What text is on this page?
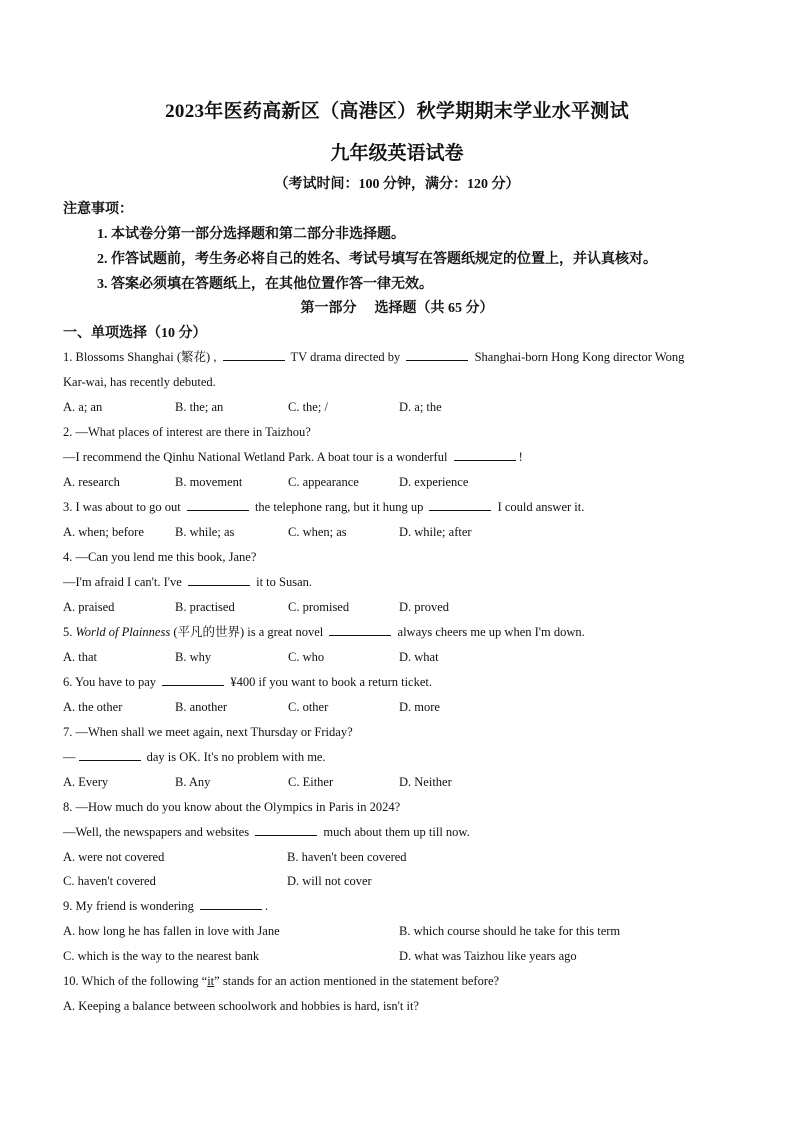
2023年医药高新区（高港区）秋学期期末学业水平测试
九年级英语试卷
（考试时间：100 分钟，满分：120 分）
注意事项：
1. 本试卷分第一部分选择题和第二部分非选择题。
2. 作答试题前，考生务必将自己的姓名、考试号填写在答题纸规定的位置上，并认真核对。
3. 答案必须填在答题纸上，在其他位置作答一律无效。
第一部分 选择题（共 65 分）
一、单项选择（10 分）
1. Blossoms Shanghai (繁花) ,	TV drama directed by	Shanghai-born Hong Kong director Wong
Kar-wai, has recently debuted.
A. a; an	B. the; an	C. the; /	D. a; the
2. —What places of interest are there in Taizhou?
—I recommend the Qinhu National Wetland Park. A boat tour is a wonderful	!
A. research	B. movement	C. appearance	D. experience
3. I was about to go out	the telephone rang, but it hung up	I could answer it.
A. when; before B. while; as	C. when; as	D. while; after
4. —Can you lend me this book, Jane?
—I'm afraid I can't. I've	it to Susan.
A. praised	B. practised	C. promised	D. proved
5. World of Plainness (平凡的世界) is a great novel	always cheers me up when I'm down.
A. that	B. why	C. who	D. what
6. You have to pay	¥400 if you want to book a return ticket.
A. the other	B. another	C. other	D. more
7. —When shall we meet again, next Thursday or Friday?
—	day is OK. It's no problem with me.
A. Every	B. Any	C. Either	D. Neither
8. —How much do you know about the Olympics in Paris in 2024?
—Well, the newspapers and websites	much about them up till now.
A. were not covered	B. haven't been covered
C. haven't covered	D. will not cover
9. My friend is wondering	.
A. how long he has fallen in love with Jane	B. which course should he take for this term
C. which is the way to the nearest bank	D. what was Taizhou like years ago
10. Which of the following “it” stands for an action mentioned in the statement before?
A. Keeping a balance between schoolwork and hobbies is hard, isn't it?
